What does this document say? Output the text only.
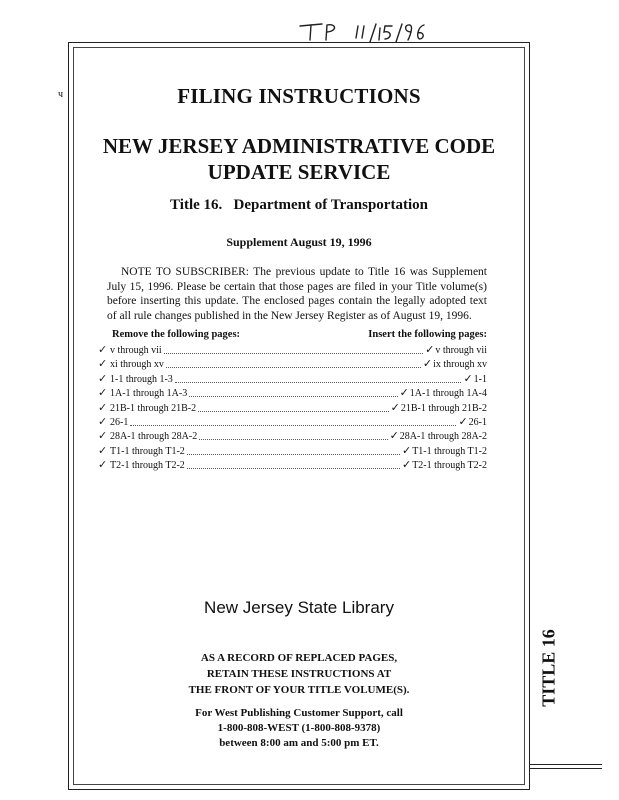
ч	FILING INSTRUCTIONS
NEW JERSEY ADMINISTRATIVE CODE
UPDATE SERVICE
Title 16.   Department of Transportation
Supplement August 19, 1996
NOTE TO SUBSCRIBER: The previous update to Title 16 was Supplement July 15, 1996. Please be certain that those pages are filed in your Title volume(s) before inserting this update. The enclosed pages contain the legally adopted text of all rule changes published in the New Jersey Register as of August 19, 1996.
Remove the following pages:	Insert the following pages:
✓ v through vii	✓ v through vii
✓ xi through xv	✓ ix through xv
✓ 1-1 through 1-3	✓ 1-1
✓ 1A-1 through 1A-3	✓ 1A-1 through 1A-4
✓ 21B-1 through 21B-2	✓ 21B-1 through 21B-2
✓ 26-1	✓ 26-1
✓ 28A-1 through 28A-2	✓ 28A-1 through 28A-2
✓ T1-1 through T1-2	✓ T1-1 through T1-2
✓ T2-1 through T2-2	✓ T2-1 through T2-2
New Jersey State Library
AS A RECORD OF REPLACED PAGES,
RETAIN THESE INSTRUCTIONS AT
THE FRONT OF YOUR TITLE VOLUME(S).
For West Publishing Customer Support, call
1-800-808-WEST (1-800-808-9378)
between 8:00 am and 5:00 pm ET.
TITLE 16
